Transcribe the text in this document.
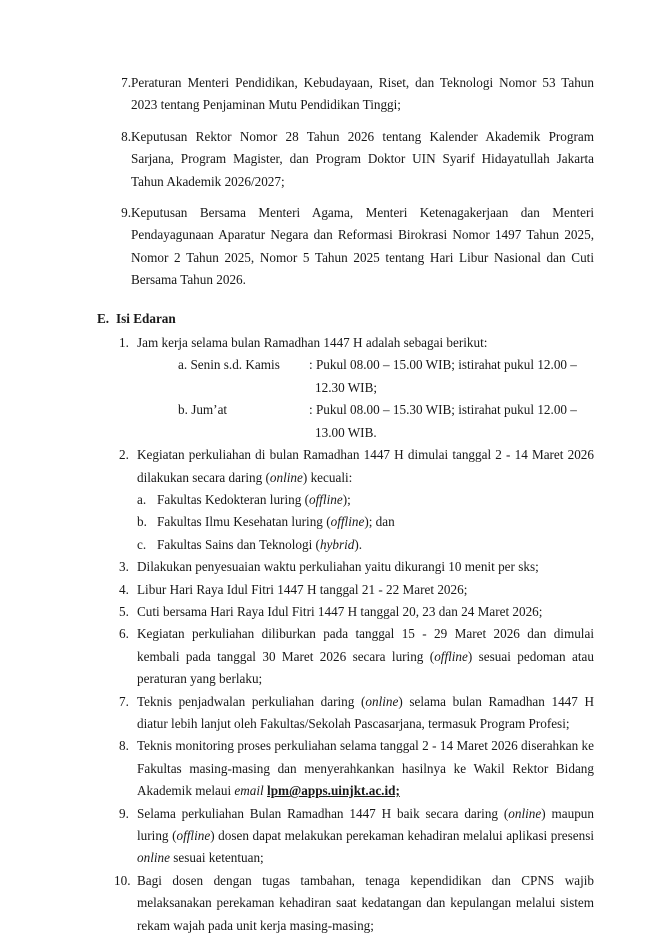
7. Peraturan Menteri Pendidikan, Kebudayaan, Riset, dan Teknologi Nomor 53 Tahun 2023 tentang Penjaminan Mutu Pendidikan Tinggi;
8. Keputusan Rektor Nomor 28 Tahun 2026 tentang Kalender Akademik Program Sarjana, Program Magister, dan Program Doktor UIN Syarif Hidayatullah Jakarta Tahun Akademik 2026/2027;
9. Keputusan Bersama Menteri Agama, Menteri Ketenagakerjaan dan Menteri Pendayagunaan Aparatur Negara dan Reformasi Birokrasi Nomor 1497 Tahun 2025, Nomor 2 Tahun 2025, Nomor 5 Tahun 2025 tentang Hari Libur Nasional dan Cuti Bersama Tahun 2026.
E. Isi Edaran
1. Jam kerja selama bulan Ramadhan 1447 H adalah sebagai berikut:
a. Senin s.d. Kamis	: Pukul 08.00 – 15.00 WIB; istirahat pukul 12.00 –
12.30 WIB;
b. Jum’at	: Pukul 08.00 – 15.30 WIB; istirahat pukul 12.00 –
13.00 WIB.
2. Kegiatan perkuliahan di bulan Ramadhan 1447 H dimulai tanggal 2 - 14 Maret 2026 dilakukan secara daring (online) kecuali:
a. Fakultas Kedokteran luring (offline);
b. Fakultas Ilmu Kesehatan luring (offline); dan
c. Fakultas Sains dan Teknologi (hybrid).
3. Dilakukan penyesuaian waktu perkuliahan yaitu dikurangi 10 menit per sks;
4. Libur Hari Raya Idul Fitri 1447 H tanggal 21 - 22 Maret 2026;
5. Cuti bersama Hari Raya Idul Fitri 1447 H tanggal 20, 23 dan 24 Maret 2026;
6. Kegiatan perkuliahan diliburkan pada tanggal 15 - 29 Maret 2026 dan dimulai kembali pada tanggal 30 Maret 2026 secara luring (offline) sesuai pedoman atau peraturan yang berlaku;
7. Teknis penjadwalan perkuliahan daring (online) selama bulan Ramadhan 1447 H diatur lebih lanjut oleh Fakultas/Sekolah Pascasarjana, termasuk Program Profesi;
8. Teknis monitoring proses perkuliahan selama tanggal 2 - 14 Maret 2026 diserahkan ke Fakultas masing-masing dan menyerahkankan hasilnya ke Wakil Rektor Bidang Akademik melaui email lpm@apps.uinjkt.ac.id;
9. Selama perkuliahan Bulan Ramadhan 1447 H baik secara daring (online) maupun luring (offline) dosen dapat melakukan perekaman kehadiran melalui aplikasi presensi online sesuai ketentuan;
10. Bagi dosen dengan tugas tambahan, tenaga kependidikan dan CPNS wajib melaksanakan perekaman kehadiran saat kedatangan dan kepulangan melalui sistem rekam wajah pada unit kerja masing-masing;
